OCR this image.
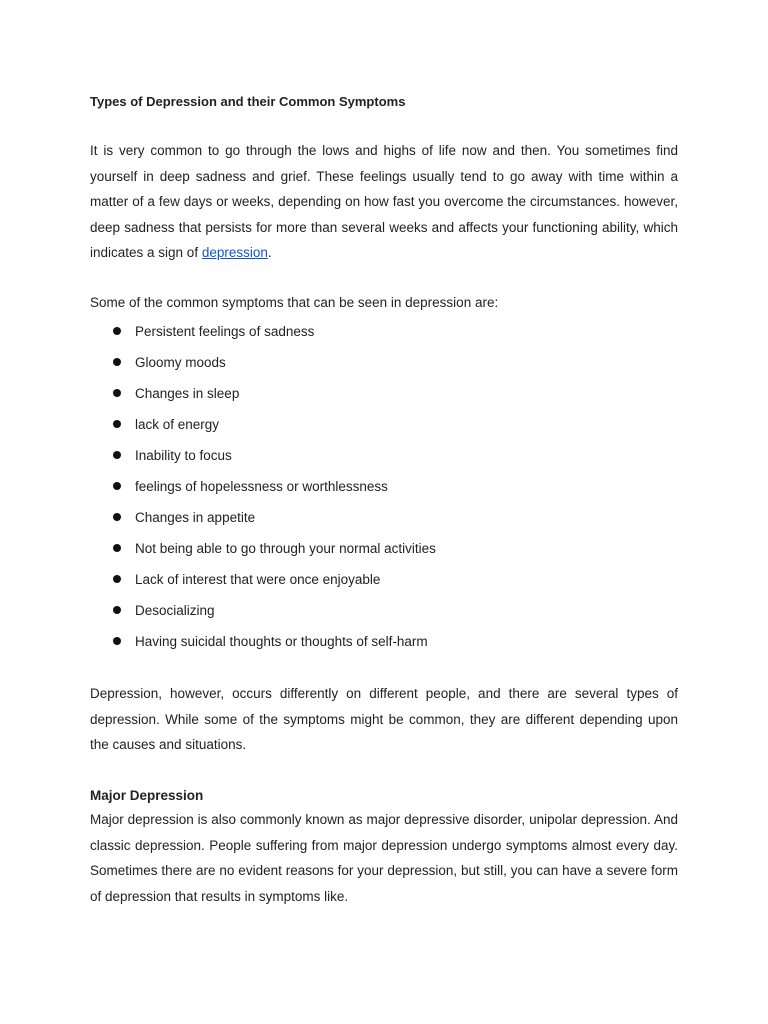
Types of Depression and their Common Symptoms

It is very common to go through the lows and highs of life now and then. You sometimes find yourself in deep sadness and grief. These feelings usually tend to go away with time within a matter of a few days or weeks, depending on how fast you overcome the circumstances. however, deep sadness that persists for more than several weeks and affects your functioning ability, which indicates a sign of depression.

Some of the common symptoms that can be seen in depression are:

Persistent feelings of sadness
Gloomy moods
Changes in sleep
lack of energy
Inability to focus
feelings of hopelessness or worthlessness
Changes in appetite
Not being able to go through your normal activities
Lack of interest that were once enjoyable
Desocializing
Having suicidal thoughts or thoughts of self-harm

Depression, however, occurs differently on different people, and there are several types of depression. While some of the symptoms might be common, they are different depending upon the causes and situations.

Major Depression

Major depression is also commonly known as major depressive disorder, unipolar depression. And classic depression. People suffering from major depression undergo symptoms almost every day. Sometimes there are no evident reasons for your depression, but still, you can have a severe form of depression that results in symptoms like.
